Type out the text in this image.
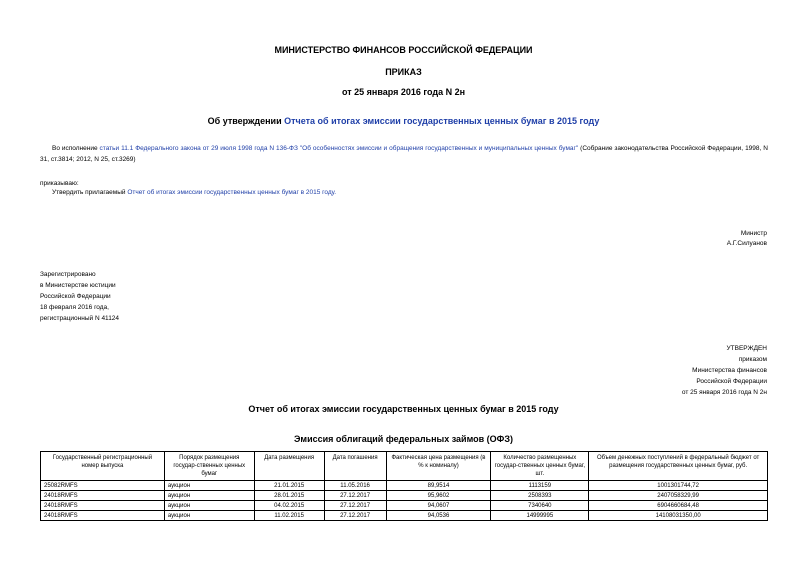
МИНИСТЕРСТВО ФИНАНСОВ РОССИЙСКОЙ ФЕДЕРАЦИИ
ПРИКАЗ
от 25 января 2016 года N 2н
Об утверждении Отчета об итогах эмиссии государственных ценных бумаг в 2015 году
Во исполнение статьи 11.1 Федерального закона от 29 июля 1998 года N 136-ФЗ "Об особенностях эмиссии и обращения государственных и муниципальных ценных бумаг" (Собрание законодательства Российской Федерации, 1998, N 31, ст.3814; 2012, N 25, ст.3269)
приказываю:
Утвердить прилагаемый Отчет об итогах эмиссии государственных ценных бумаг в 2015 году.
Министр
А.Г.Силуанов
Зарегистрировано
в Министерстве юстиции
Российской Федерации
18 февраля 2016 года,
регистрационный N 41124
УТВЕРЖДЕН
приказом
Министерства финансов
Российской Федерации
от 25 января 2016 года N 2н
Отчет об итогах эмиссии государственных ценных бумаг в 2015 году
Эмиссия облигаций федеральных займов (ОФЗ)
Государственный регистрационный номер выпуска	Порядок размещения государ-ственных ценных бумаг	Дата размещения	Дата погашения	Фактическая цена размещения (в % к номиналу)	Количество размещенных государ-ственных ценных бумаг, шт.	Объем денежных поступлений в федеральный бюджет от размещения государственных ценных бумаг, руб.
25082RMFS	аукцион	21.01.2015	11.05.2016	89,9514	1113159	1001301744,72
24018RMFS	аукцион	28.01.2015	27.12.2017	95,9602	2508393	2407058329,99
24018RMFS	аукцион	04.02.2015	27.12.2017	94,0607	7340640	6904660684,48
24018RMFS	аукцион	11.02.2015	27.12.2017	94,0536	14999995	14108031350,00
